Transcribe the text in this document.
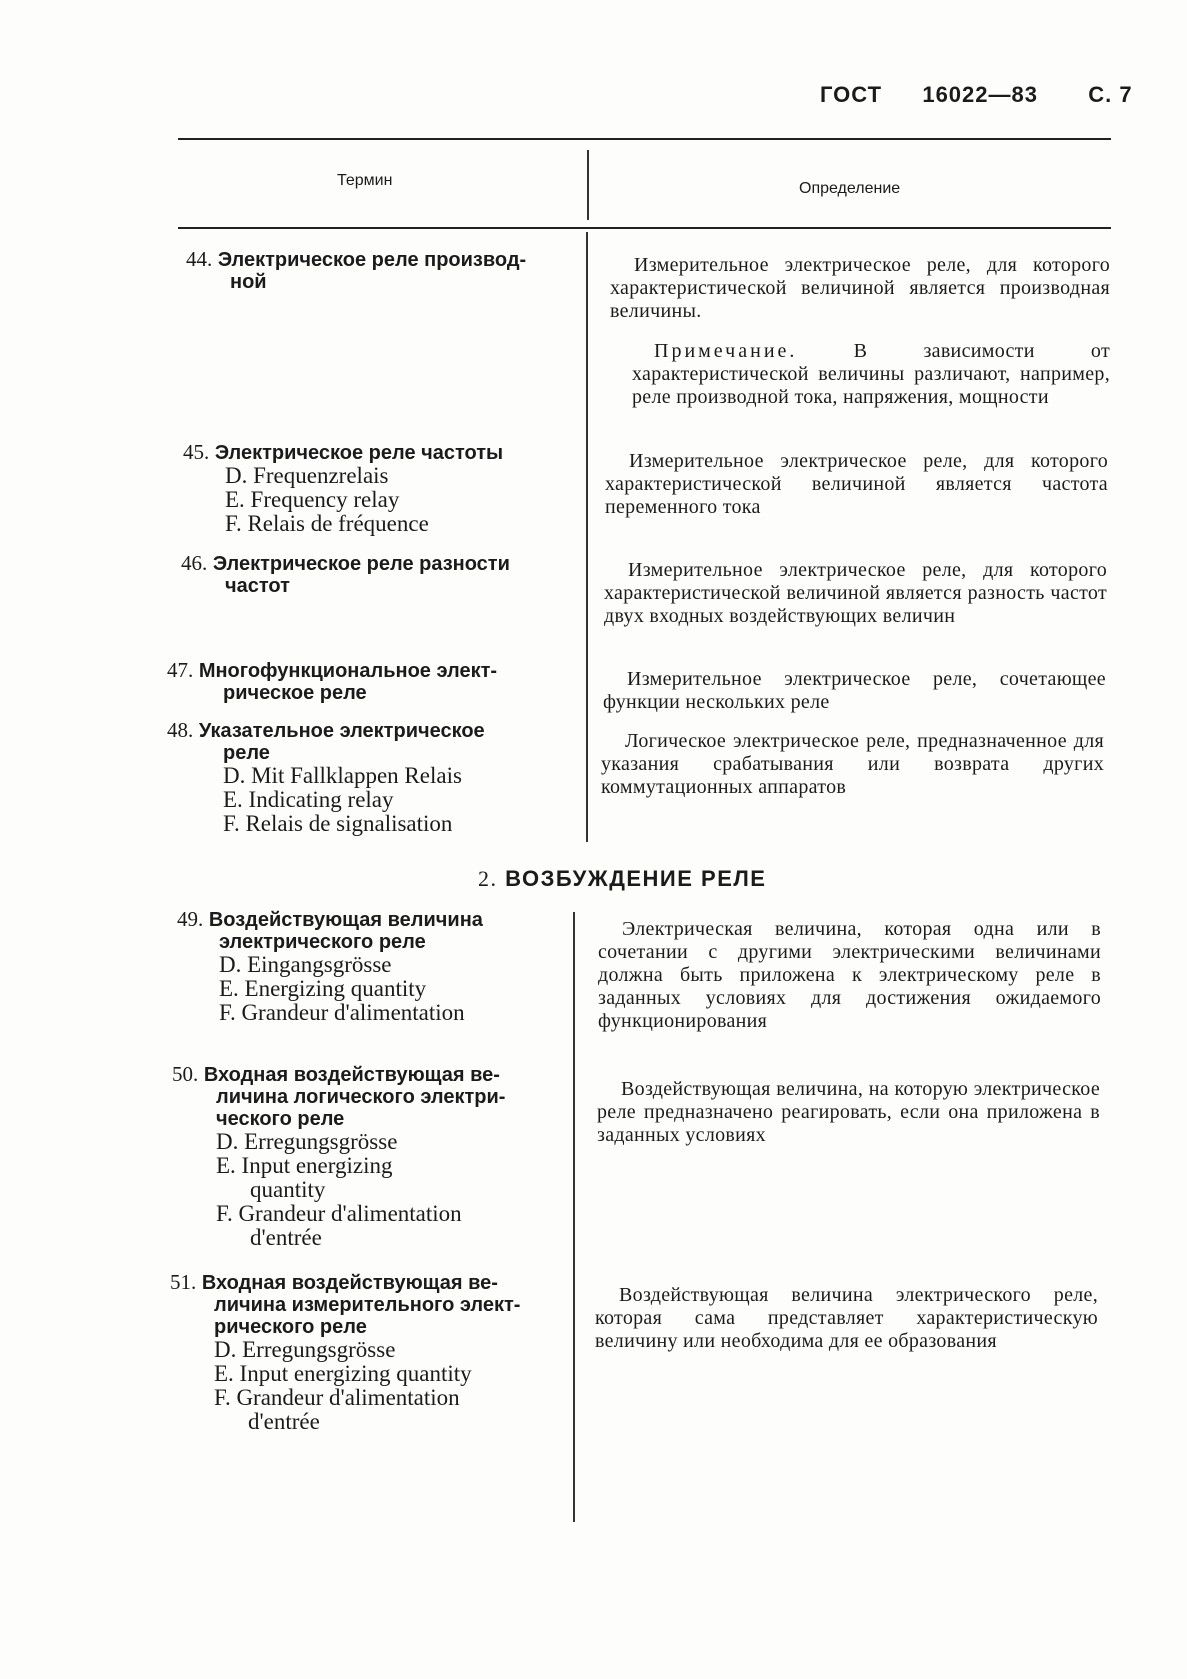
ГОСТ 16022—83 С. 7
Термин	Определение
44. Электрическое реле производ-
ной
Измерительное электрическое реле, для которого характеристической величиной является производная величины.
Примечание.	В зависимости от характеристической величины различают, например, реле производной тока, напряжения, мощности
45. Электрическое реле частоты
D. Frequenzrelais
E. Frequency relay
F. Relais de fréquence
Измерительное электрическое реле, для которого характеристической величиной является частота переменного тока
46. Электрическое реле разности
частот
Измерительное электрическое реле, для которого характеристической величиной является разность частот двух входных воздействующих величин
47. Многофункциональное элект-
рическое реле
Измерительное электрическое реле, сочетающее функции нескольких реле
48. Указательное электрическое
реле
D. Mit Fallklappen Relais
E. Indicating relay
F. Relais de signalisation
Логическое электрическое реле, предназначенное для указания срабатывания или возврата других коммутационных аппаратов
2. ВОЗБУЖДЕНИЕ РЕЛЕ
49. Воздействующая величина
электрического реле
D. Eingangsgrösse
E. Energizing quantity
F. Grandeur d'alimentation
Электрическая величина, которая одна или в сочетании с другими электрическими величинами должна быть приложена к электрическому реле в заданных условиях для достижения ожидаемого функционирования
50. Входная воздействующая ве-
личина логического электри-
ческого реле
D. Erregungsgrösse
E. Input energizing
quantity
F. Grandeur d'alimentation
d'entrée
Воздействующая величина, на которую электрическое реле предназначено реагировать, если она приложена в заданных условиях
51. Входная воздействующая ве-
личина измерительного элект-
рического реле
D. Erregungsgrösse
E. Input energizing quantity
F. Grandeur d'alimentation
d'entrée
Воздействующая величина электрического реле, которая сама представляет характеристическую величину или необходима для ее образования
